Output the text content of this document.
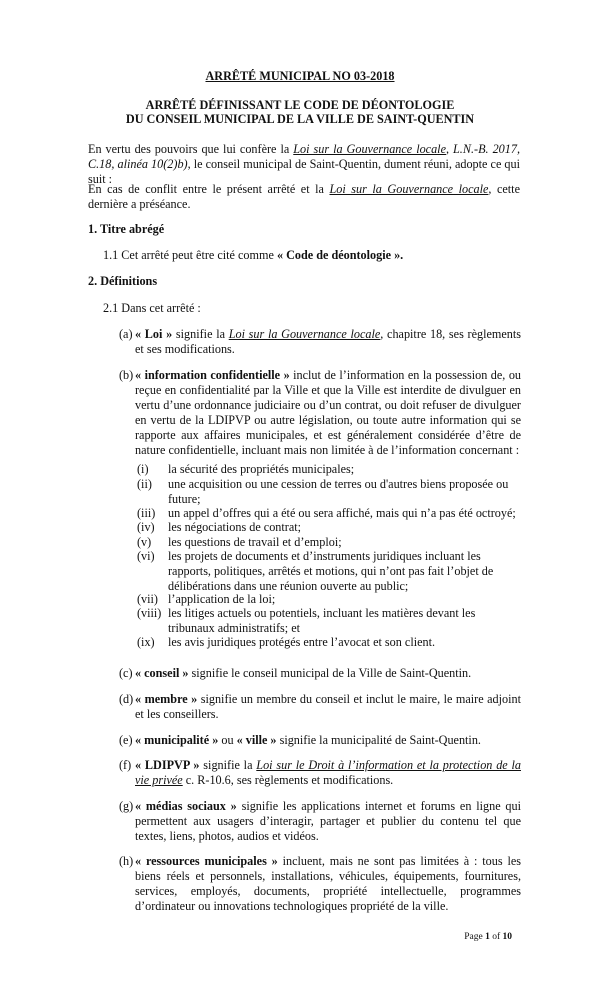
ARRÊTÉ MUNICIPAL NO 03-2018
ARRÊTÉ DÉFINISSANT LE CODE DE DÉONTOLOGIE
DU CONSEIL MUNICIPAL DE LA VILLE DE SAINT-QUENTIN
En vertu des pouvoirs que lui confère la Loi sur la Gouvernance locale, L.N.-B. 2017, C.18, alinéa 10(2)b), le conseil municipal de Saint-Quentin, dument réuni, adopte ce qui suit :
En cas de conflit entre le présent arrêté et la Loi sur la Gouvernance locale, cette dernière a préséance.
1. Titre abrégé
1.1 Cet arrêté peut être cité comme « Code de déontologie ».
2. Définitions
2.1 Dans cet arrêté :
(a) « Loi » signifie la Loi sur la Gouvernance locale, chapitre 18, ses règlements et ses modifications.
(b) « information confidentielle » inclut de l’information en la possession de, ou reçue en confidentialité par la Ville et que la Ville est interdite de divulguer en vertu d’une ordonnance judiciaire ou d’un contrat, ou doit refuser de divulguer en vertu de la LDIPVP ou autre législation, ou toute autre information qui se rapporte aux affaires municipales, et est généralement considérée d’être de nature confidentielle, incluant mais non limitée à de l’information concernant :
(i)	la sécurité des propriétés municipales;
(ii)	une acquisition ou une cession de terres ou d'autres biens proposée ou future;
(iii)	un appel d’offres qui a été ou sera affiché, mais qui n’a pas été octroyé;
(iv)	les négociations de contrat;
(v)	les questions de travail et d’emploi;
(vi)	les projets de documents et d’instruments juridiques incluant les rapports, politiques, arrêtés et motions, qui n’ont pas fait l’objet de délibérations dans une réunion ouverte au public;
(vii) l’application de la loi;
(viii) les litiges actuels ou potentiels, incluant les matières devant les tribunaux administratifs; et
(ix)	les avis juridiques protégés entre l’avocat et son client.
(c) « conseil » signifie le conseil municipal de la Ville de Saint-Quentin.
(d) « membre » signifie un membre du conseil et inclut le maire, le maire adjoint et les conseillers.
(e) « municipalité » ou « ville » signifie la municipalité de Saint-Quentin.
(f) « LDIPVP » signifie la Loi sur le Droit à l’information et la protection de la vie privée c. R-10.6, ses règlements et modifications.
(g) « médias sociaux » signifie les applications internet et forums en ligne qui permettent aux usagers d’interagir, partager et publier du contenu tel que textes, liens, photos, audios et vidéos.
(h) « ressources municipales » incluent, mais ne sont pas limitées à : tous les biens réels et personnels, installations, véhicules, équipements, fournitures, services, employés, documents, propriété intellectuelle, programmes d’ordinateur ou innovations technologiques propriété de la ville.
Page 1 of 10
